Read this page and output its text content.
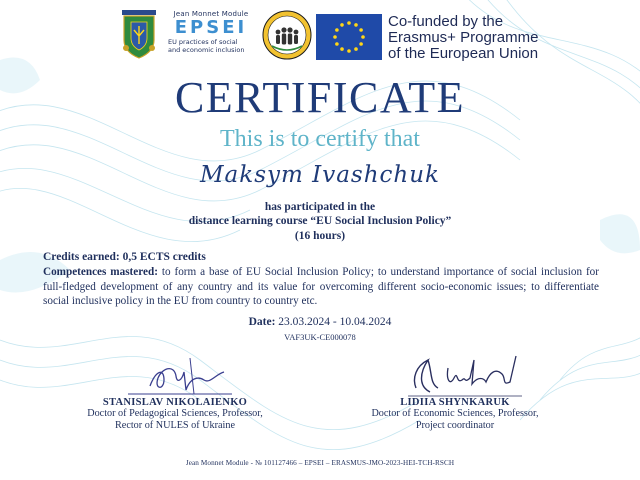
Jean Monnet Module
EPSEI
EU practices of social
and economic inclusion
Co-funded by the
Erasmus+ Programme
of the European Union
CERTIFICATE
This is to certify that
Maksym Ivashchuk
has participated in the
distance learning course “EU Social Inclusion Policy”
(16 hours)
Credits earned: 0,5 ECTS credits
Competences mastered: to form a base of EU Social Inclusion Policy; to understand importance of social inclusion for full-fledged development of any country and its value for overcoming different socio-economic issues; to differentiate social inclusive policy in the EU from country to country etc.
Date: 23.03.2024 - 10.04.2024
VAF3UK-CE000078
STANISLAV NIKOLAIENKO
Doctor of Pedagogical Sciences, Professor,
Rector of NULES of Ukraine
LIDIIA SHYNKARUK
Doctor of Economic Sciences, Professor,
Project coordinator
Jean Monnet Module - № 101127466 – EPSEI – ERASMUS-JMO-2023-HEI-TCH-RSCH
